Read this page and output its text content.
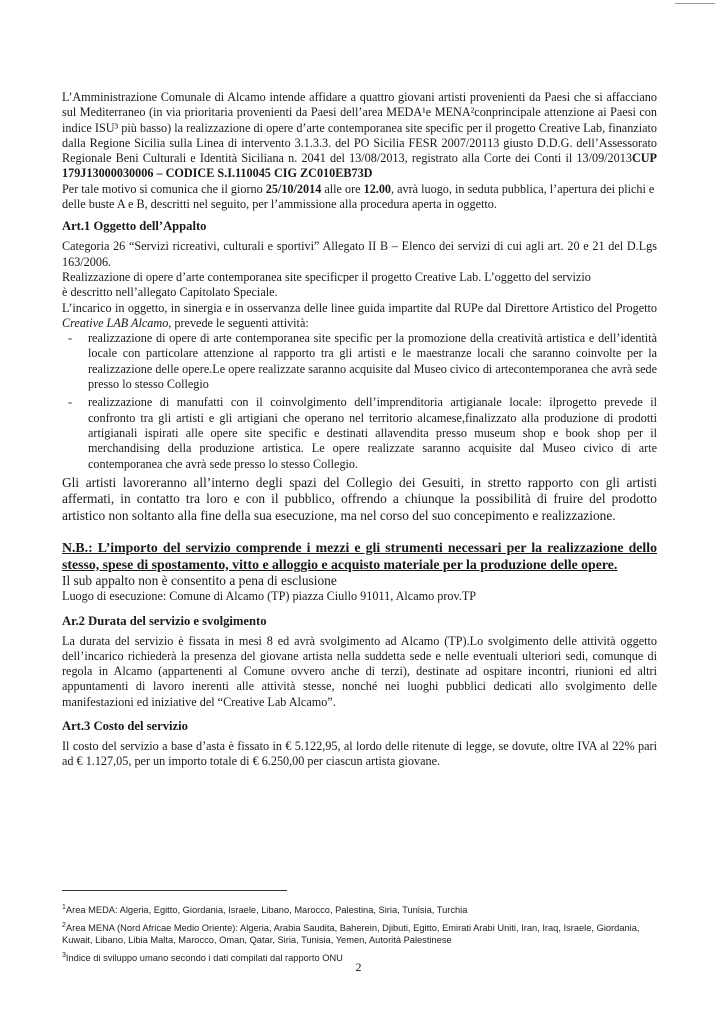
L’Amministrazione Comunale di Alcamo intende affidare a quattro giovani artisti provenienti da Paesi che si affacciano sul Mediterraneo (in via prioritaria provenienti da Paesi dell’area MEDA¹e MENA²conprincipale attenzione ai Paesi con indice ISU³ più basso) la realizzazione di opere d’arte contemporanea site specific per il progetto Creative Lab, finanziato dalla Regione Sicilia sulla Linea di intervento 3.1.3.3. del PO Sicilia FESR 2007/20113 giusto D.D.G. dell’Assessorato Regionale Beni Culturali e Identità Siciliana n. 2041 del 13/08/2013, registrato alla Corte dei Conti il 13/09/2013CUP 179J13000030006 – CODICE S.I.110045 CIG ZC010EB73D

Per tale motivo si comunica che il giorno 25/10/2014 alle ore 12.00, avrà luogo, in seduta pubblica, l’apertura dei plichi e delle buste A e B, descritti nel seguito, per l’ammissione alla procedura aperta in oggetto.

Art.1 Oggetto dell’Appalto

Categoria 26 “Servizi ricreativi, culturali e sportivi” Allegato II B – Elenco dei servizi di cui agli art. 20 e 21 del D.Lgs 163/2006.

Realizzazione di opere d’arte contemporanea site specificper il progetto Creative Lab. L’oggetto del servizio
è descritto nell’allegato Capitolato Speciale.

L’incarico in oggetto, in sinergia e in osservanza delle linee guida impartite dal RUPe dal Direttore Artistico del Progetto Creative LAB Alcamo, prevede le seguenti attività:

- realizzazione di opere di arte contemporanea site specific per la promozione della creatività artistica e dell’identità locale con particolare attenzione al rapporto tra gli artisti e le maestranze locali che saranno coinvolte per la realizzazione delle opere.Le opere realizzate saranno acquisite dal Museo civico di artecontemporanea che avrà sede presso lo stesso Collegio
- realizzazione di manufatti con il coinvolgimento dell’imprenditoria artigianale locale: ilprogetto prevede il confronto tra gli artisti e gli artigiani che operano nel territorio alcamese,finalizzato alla produzione di prodotti artigianali ispirati alle opere site specific e destinati allavendita presso museum shop e book shop per il merchandising della produzione artistica. Le opere realizzate saranno acquisite dal Museo civico di arte contemporanea che avrà sede presso lo stesso Collegio.

Gli artisti lavoreranno all’interno degli spazi del Collegio dei Gesuiti, in stretto rapporto con gli artisti affermati, in contatto tra loro e con il pubblico, offrendo a chiunque la possibilità di fruire del prodotto artistico non soltanto alla fine della sua esecuzione, ma nel corso del suo concepimento e realizzazione.

N.B.: L’importo del servizio comprende i mezzi e gli strumenti necessari per la realizzazione dello stesso, spese di spostamento, vitto e alloggio e acquisto materiale per la produzione delle opere.

Il sub appalto non è consentito a pena di esclusione

Luogo di esecuzione: Comune di Alcamo (TP) piazza Ciullo 91011, Alcamo prov.TP

Ar.2 Durata del servizio e svolgimento

La durata del servizio è fissata in mesi 8 ed avrà svolgimento ad Alcamo (TP).Lo svolgimento delle attività oggetto dell’incarico richiederà la presenza del giovane artista nella suddetta sede e nelle eventuali ulteriori sedi, comunque di regola in Alcamo (appartenenti al Comune ovvero anche di terzi), destinate ad ospitare incontri, riunioni ed altri appuntamenti di lavoro inerenti alle attività stesse, nonché nei luoghi pubblici dedicati allo svolgimento delle manifestazioni ed iniziative del “Creative Lab Alcamo”.

Art.3 Costo del servizio

Il costo del servizio a base d’asta è fissato in € 5.122,95, al lordo delle ritenute di legge, se dovute, oltre IVA al 22% pari ad € 1.127,05, per un importo totale di € 6.250,00 per ciascun artista giovane.

$^1$Area MEDA: Algeria, Egitto, Giordania, Israele, Libano, Marocco, Palestina, Siria, Tunisia, Turchia

$^2$Area MENA (Nord Africae Medio Oriente): Algeria, Arabia Saudita, Baherein, Djibuti, Egitto, Emirati Arabi Uniti, Iran, Iraq, Israele, Giordania, Kuwait, Libano, Libia Malta, Marocco, Oman, Qatar, Siria, Tunisia, Yemen, Autorità Palestinese

$^3$Indice di sviluppo umano secondo i dati compilati dal rapporto ONU

2
